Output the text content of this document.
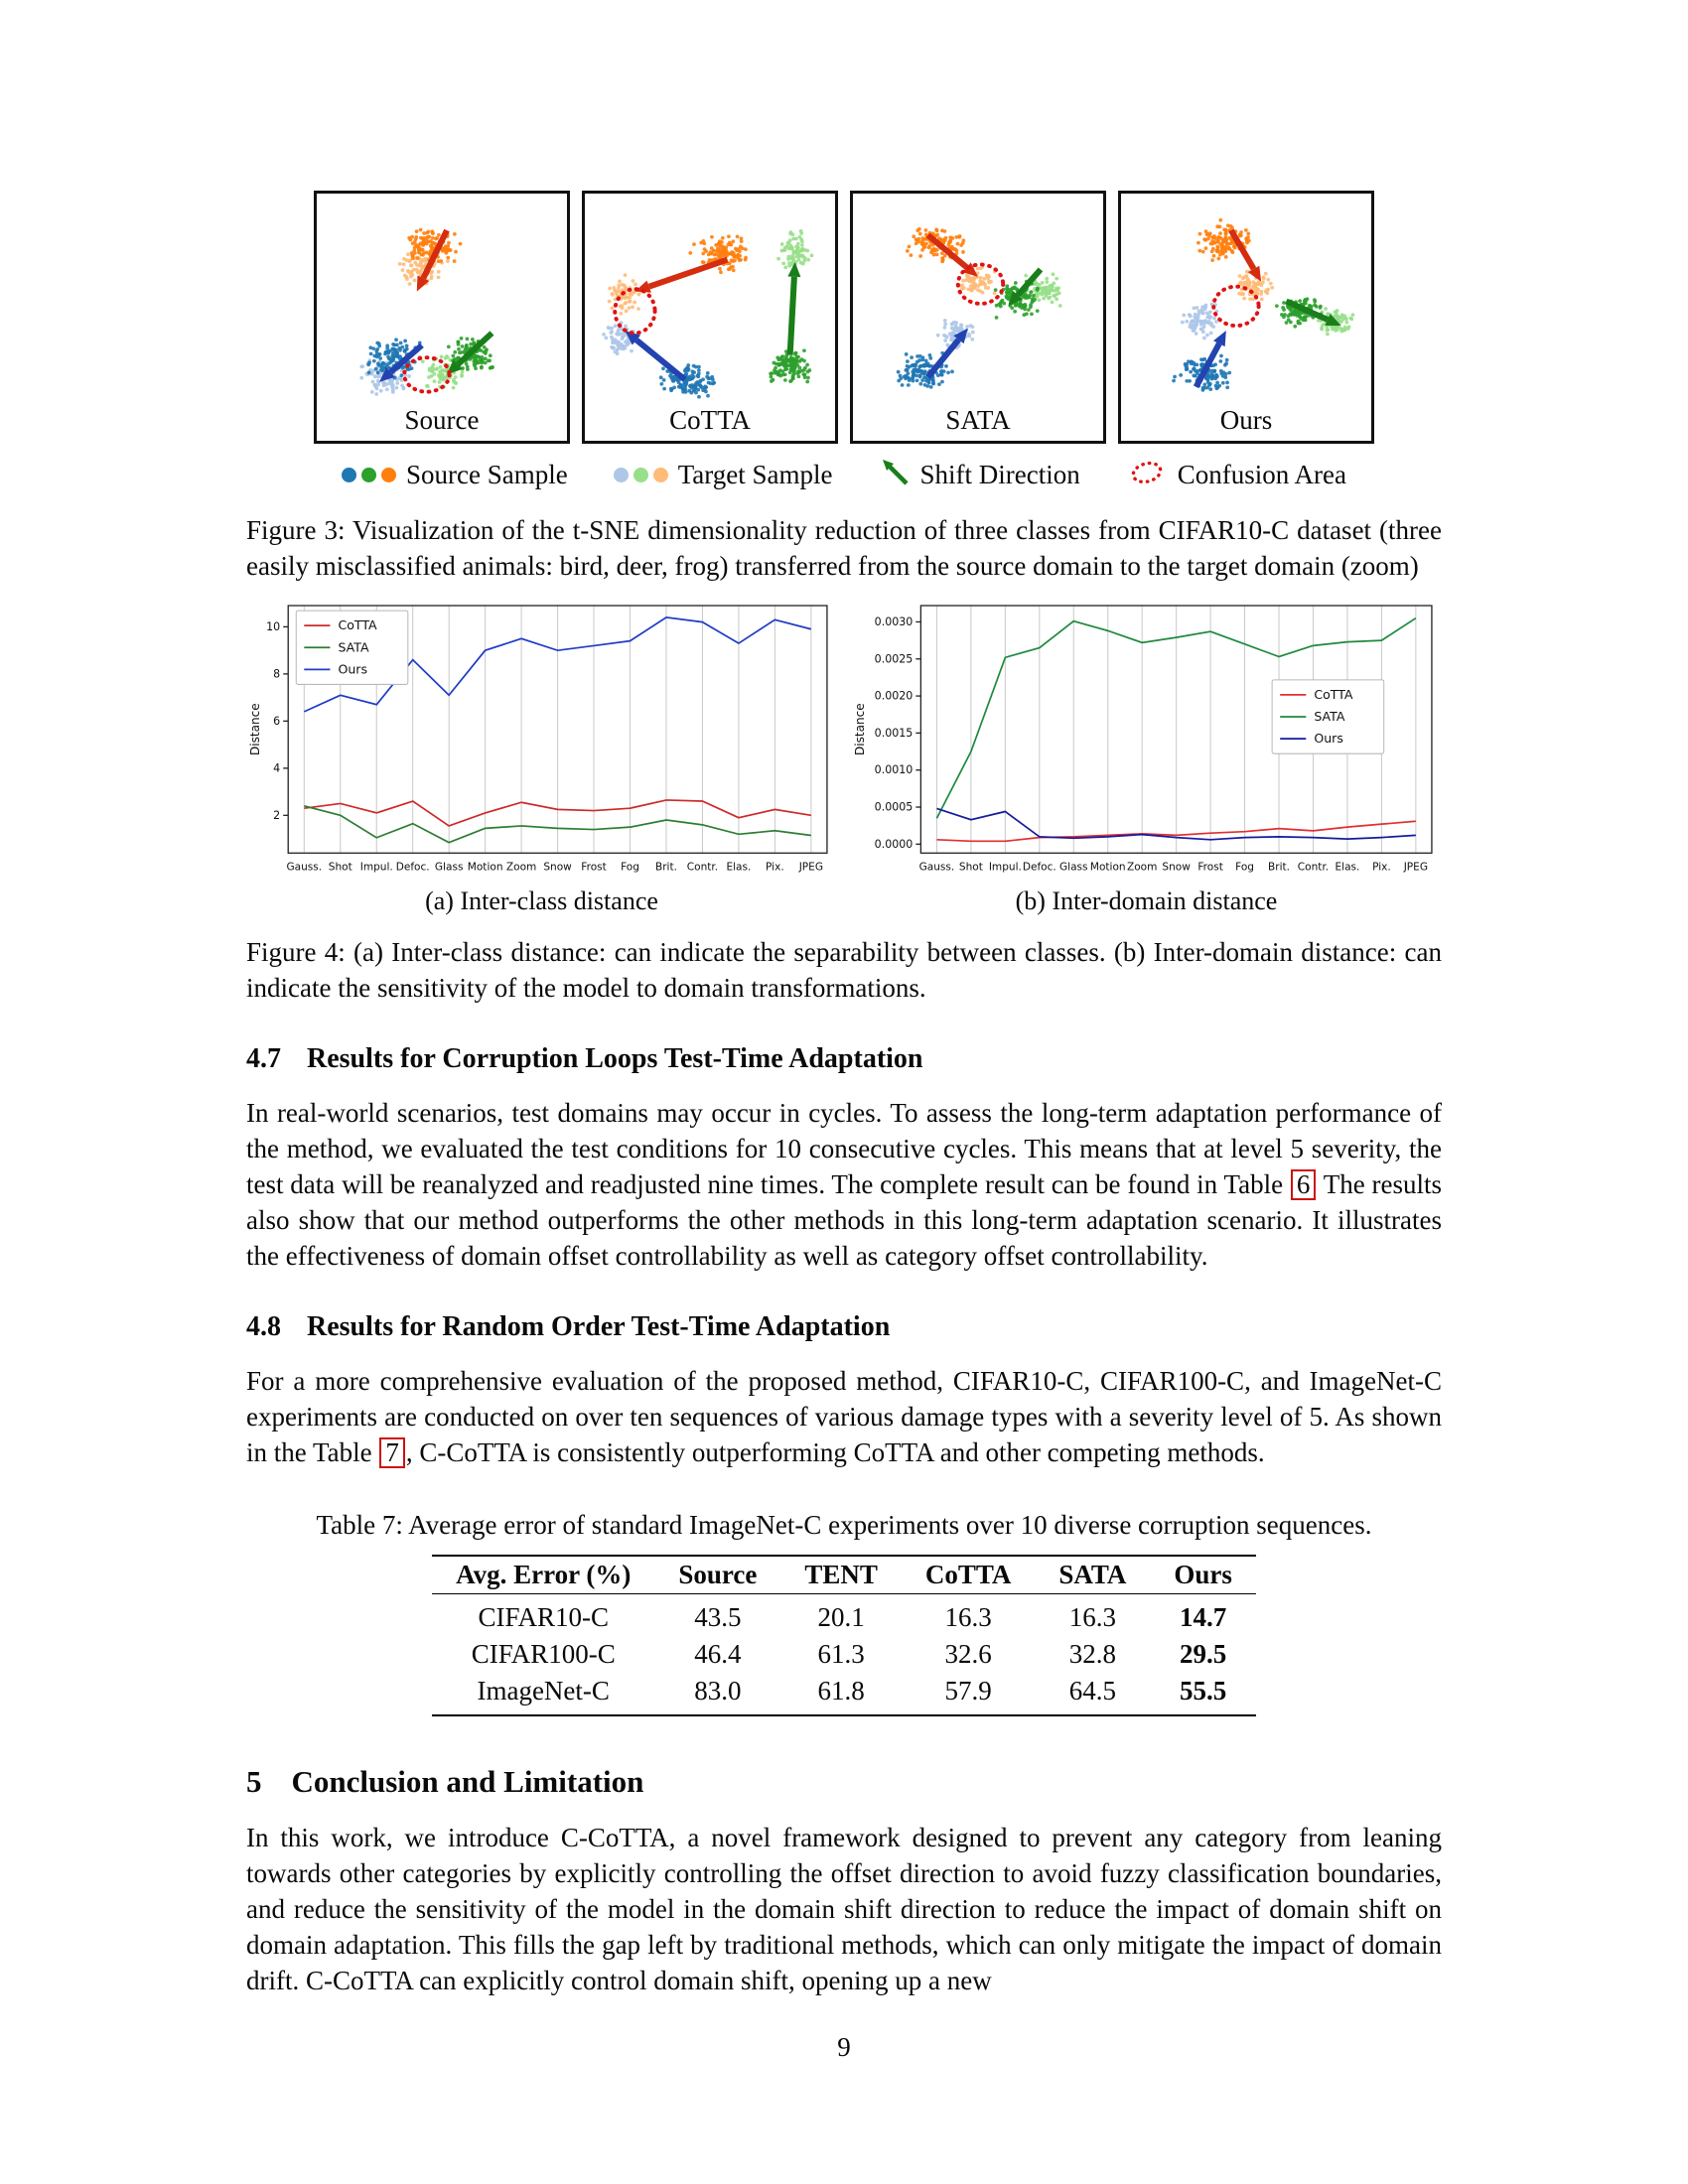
Source	CoTTA	SATA	Ours
Source Sample	Target Sample	Shift Direction	Confusion Area

Figure 3: Visualization of the t-SNE dimensionality reduction of three classes from CIFAR10-C dataset (three easily misclassified animals: bird, deer, frog) transferred from the source domain to the target domain (zoom)

2
4
6
8
10
Distance
Gauss. Shot Impul. Defoc. Glass Motion Zoom Snow Frost Fog Brit. Contr. Elas. Pix. JPEG
CoTTA
SATA
Ours
(a) Inter-class distance
0.0000
0.0005
0.0010
0.0015
0.0020
0.0025
0.0030
Distance
Gauss. Shot Impul. Defoc. Glass Motion Zoom Snow Frost Fog Brit. Contr. Elas. Pix. JPEG
CoTTA
SATA
Ours
(b) Inter-domain distance

Figure 4: (a) Inter-class distance: can indicate the separability between classes. (b) Inter-domain distance: can indicate the sensitivity of the model to domain transformations.

4.7 Results for Corruption Loops Test-Time Adaptation

In real-world scenarios, test domains may occur in cycles. To assess the long-term adaptation performance of the method, we evaluated the test conditions for 10 consecutive cycles. This means that at level 5 severity, the test data will be reanalyzed and readjusted nine times. The complete result can be found in Table 6 The results also show that our method outperforms the other methods in this long-term adaptation scenario. It illustrates the effectiveness of domain offset controllability as well as category offset controllability.

4.8 Results for Random Order Test-Time Adaptation

For a more comprehensive evaluation of the proposed method, CIFAR10-C, CIFAR100-C, and ImageNet-C experiments are conducted on over ten sequences of various damage types with a severity level of 5. As shown in the Table 7 , C-CoTTA is consistently outperforming CoTTA and other competing methods.

Table 7: Average error of standard ImageNet-C experiments over 10 diverse corruption sequences.

Avg. Error (%)	Source	TENT	CoTTA	SATA	Ours
CIFAR10-C	43.5	20.1	16.3	16.3	14.7
CIFAR100-C	46.4	61.3	32.6	32.8	29.5
ImageNet-C	83.0	61.8	57.9	64.5	55.5
5 Conclusion and Limitation

In this work, we introduce C-CoTTA, a novel framework designed to prevent any category from leaning towards other categories by explicitly controlling the offset direction to avoid fuzzy classification boundaries, and reduce the sensitivity of the model in the domain shift direction to reduce the impact of domain shift on domain adaptation. This fills the gap left by traditional methods, which can only mitigate the impact of domain drift. C-CoTTA can explicitly control domain shift, opening up a new

9
